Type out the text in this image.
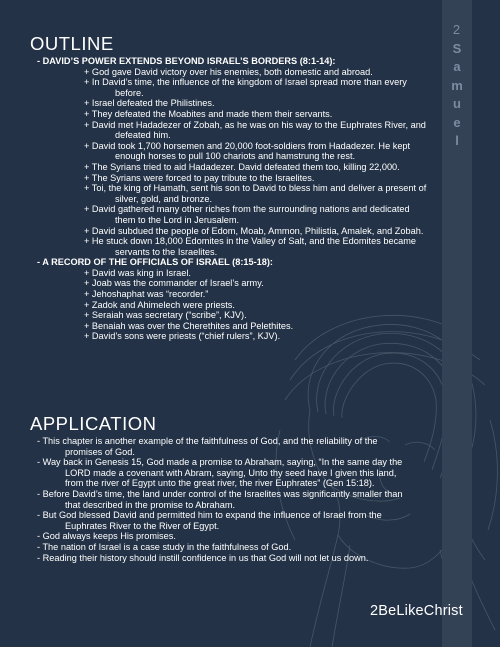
2
S
a
m
u
e
l
OUTLINE
- DAVID’S POWER EXTENDS BEYOND ISRAEL’S BORDERS (8:1-14):
+ God gave David victory over his enemies, both domestic and abroad.
+ In David’s time, the influence of the kingdom of Israel spread more than every
before.
+ Israel defeated the Philistines.
+ They defeated the Moabites and made them their servants.
+ David met Hadadezer of Zobah, as he was on his way to the Euphrates River, and
defeated him.
+ David took 1,700 horsemen and 20,000 foot-soldiers from Hadadezer. He kept
enough horses to pull 100 chariots and hamstrung the rest.
+ The Syrians tried to aid Hadadezer. David defeated them too, killing 22,000.
+ The Syrians were forced to pay tribute to the Israelites.
+ Toi, the king of Hamath, sent his son to David to bless him and deliver a present of
silver, gold, and bronze.
+ David gathered many other riches from the surrounding nations and dedicated
them to the Lord in Jerusalem.
+ David subdued the people of Edom, Moab, Ammon, Philistia, Amalek, and Zobah.
+ He stuck down 18,000 Edomites in the Valley of Salt, and the Edomites became
servants to the Israelites.
- A RECORD OF THE OFFICIALS OF ISRAEL (8:15-18):
+ David was king in Israel.
+ Joab was the commander of Israel’s army.
+ Jehoshaphat was “recorder.”
+ Zadok and Ahimelech were priests.
+ Seraiah was secretary (“scribe”, KJV).
+ Benaiah was over the Cherethites and Pelethites.
+ David’s sons were priests (“chief rulers”, KJV).
APPLICATION
- This chapter is another example of the faithfulness of God, and the reliability of the
promises of God.
- Way back in Genesis 15, God made a promise to Abraham, saying, “In the same day the
LORD made a covenant with Abram, saying, Unto thy seed have I given this land,
from the river of Egypt unto the great river, the river Euphrates” (Gen 15:18).
- Before David’s time, the land under control of the Israelites was significantly smaller than
that described in the promise to Abraham.
- But God blessed David and permitted him to expand the influence of Israel from the
Euphrates River to the River of Egypt.
- God always keeps His promises.
- The nation of Israel is a case study in the faithfulness of God.
- Reading their history should instill confidence in us that God will not let us down.
2BeLikeChrist
